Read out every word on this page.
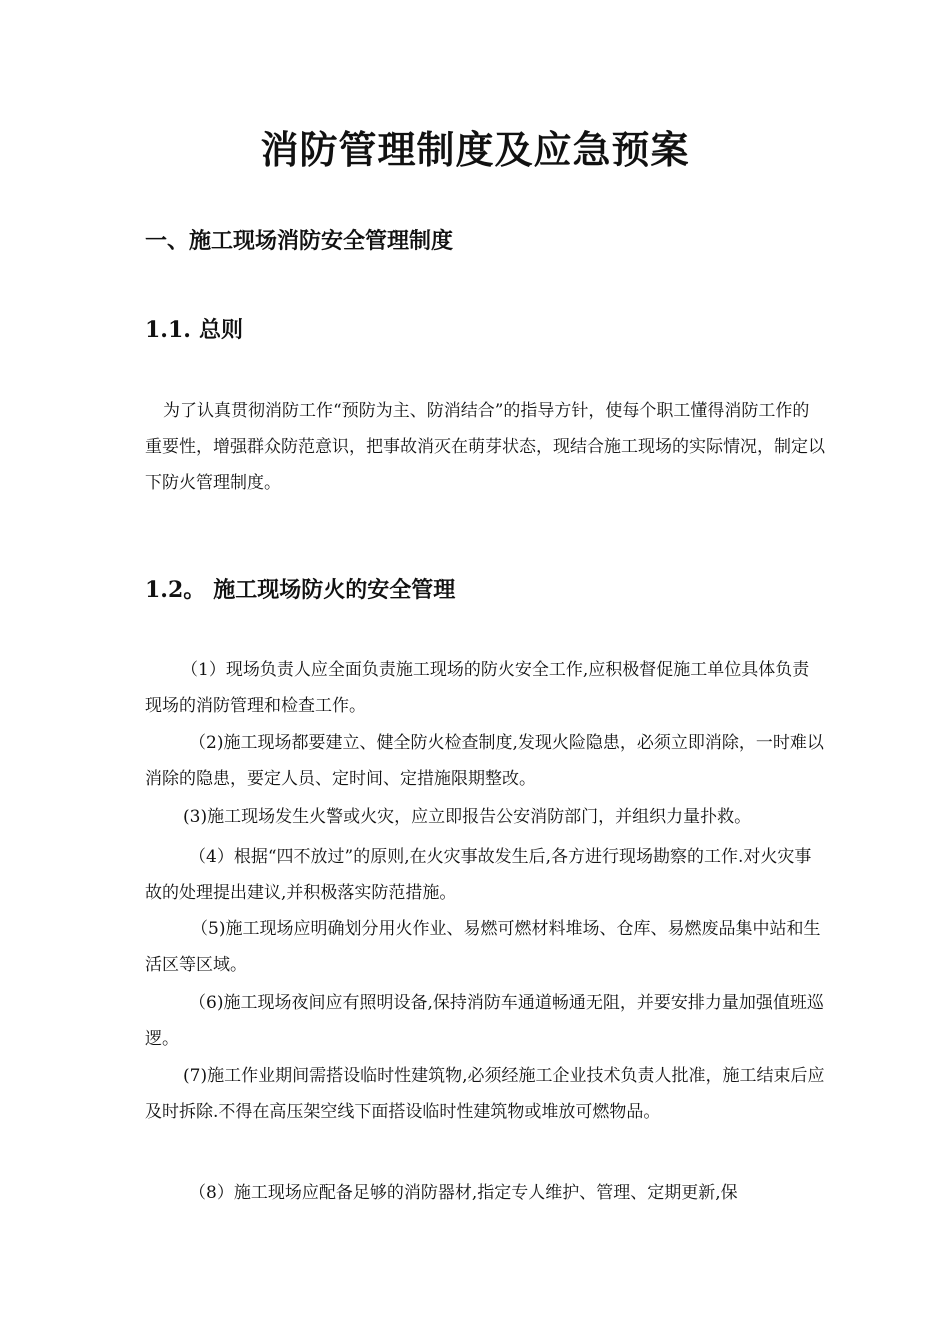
消防管理制度及应急预案
一、施工现场消防安全管理制度
1.1. 总则

为了认真贯彻消防工作“预防为主、防消结合”的指导方针，使每个职工懂得消防工作的重要性，增强群众防范意识，把事故消灭在萌芽状态，现结合施工现场的实际情况，制定以下防火管理制度。

1.2。 施工现场防火的安全管理

（1）现场负责人应全面负责施工现场的防火安全工作,应积极督促施工单位具体负责现场的消防管理和检查工作。

（2)施工现场都要建立、健全防火检查制度,发现火险隐患，必须立即消除，一时难以消除的隐患，要定人员、定时间、定措施限期整改。

(3)施工现场发生火警或火灾，应立即报告公安消防部门，并组织力量扑救。

（4）根据“四不放过”的原则,在火灾事故发生后,各方进行现场勘察的工作.对火灾事故的处理提出建议,并积极落实防范措施。

（5)施工现场应明确划分用火作业、易燃可燃材料堆场、仓库、易燃废品集中站和生活区等区域。

（6)施工现场夜间应有照明设备,保持消防车通道畅通无阻，并要安排力量加强值班巡逻。

(7)施工作业期间需搭设临时性建筑物,必须经施工企业技术负责人批准，施工结束后应及时拆除.不得在高压架空线下面搭设临时性建筑物或堆放可燃物品。

（8）施工现场应配备足够的消防器材,指定专人维护、管理、定期更新,保
